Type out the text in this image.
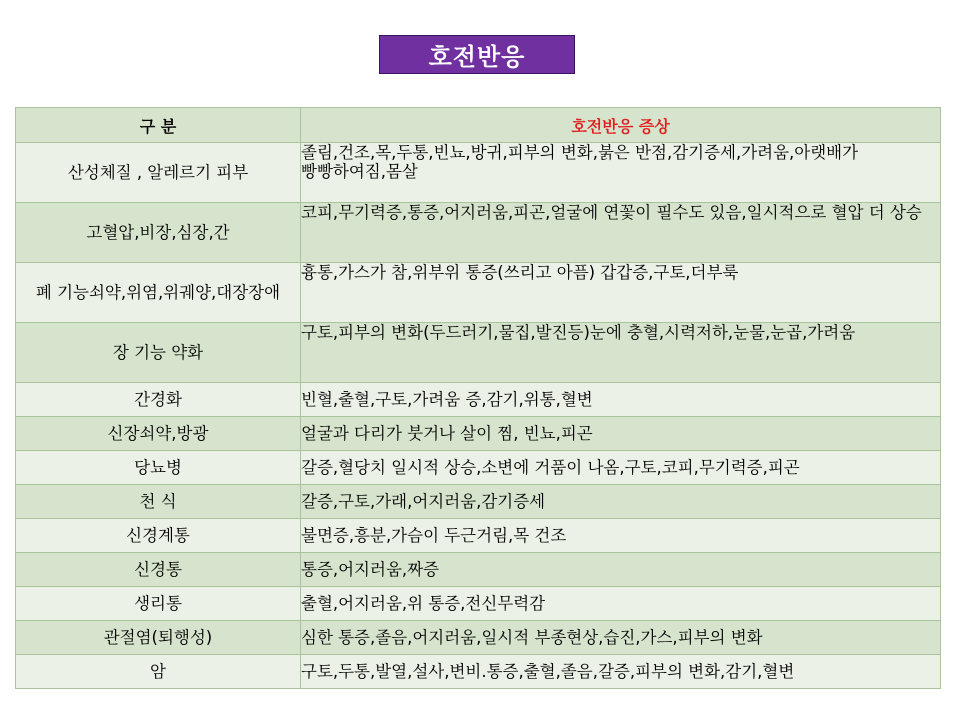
호전반응
구 분	호전반응 증상
산성체질 , 알레르기 피부	졸림,건조,목,두통,빈뇨,방귀,피부의 변화,붉은 반점,감기증세,가려움,아랫배가 빵빵하여짐,몸살
고혈압,비장,심장,간	코피,무기력증,통증,어지러움,피곤,얼굴에 연꽃이 필수도 있음,일시적으로 혈압 더 상승
폐 기능쇠약,위염,위궤양,대장장애	흉통,가스가 참,위부위 통증(쓰리고 아픔) 갑갑증,구토,더부룩
장 기능 약화	구토,피부의 변화(두드러기,물집,발진등)눈에 충혈,시력저하,눈물,눈곱,가려움
간경화	빈혈,출혈,구토,가려움 증,감기,위통,혈변
신장쇠약,방광	얼굴과 다리가 붓거나 살이 찜, 빈뇨,피곤
당뇨병	갈증,혈당치 일시적 상승,소변에 거품이 나옴,구토,코피,무기력증,피곤
천 식	갈증,구토,가래,어지러움,감기증세
신경계통	불면증,흥분,가슴이 두근거림,목 건조
신경통	통증,어지러움,짜증
생리통	출혈,어지러움,위 통증,전신무력감
관절염(퇴행성)	심한 통증,졸음,어지러움,일시적 부종현상,습진,가스,피부의 변화
암	구토,두통,발열,설사,변비.통증,출혈,졸음,갈증,피부의 변화,감기,혈변
